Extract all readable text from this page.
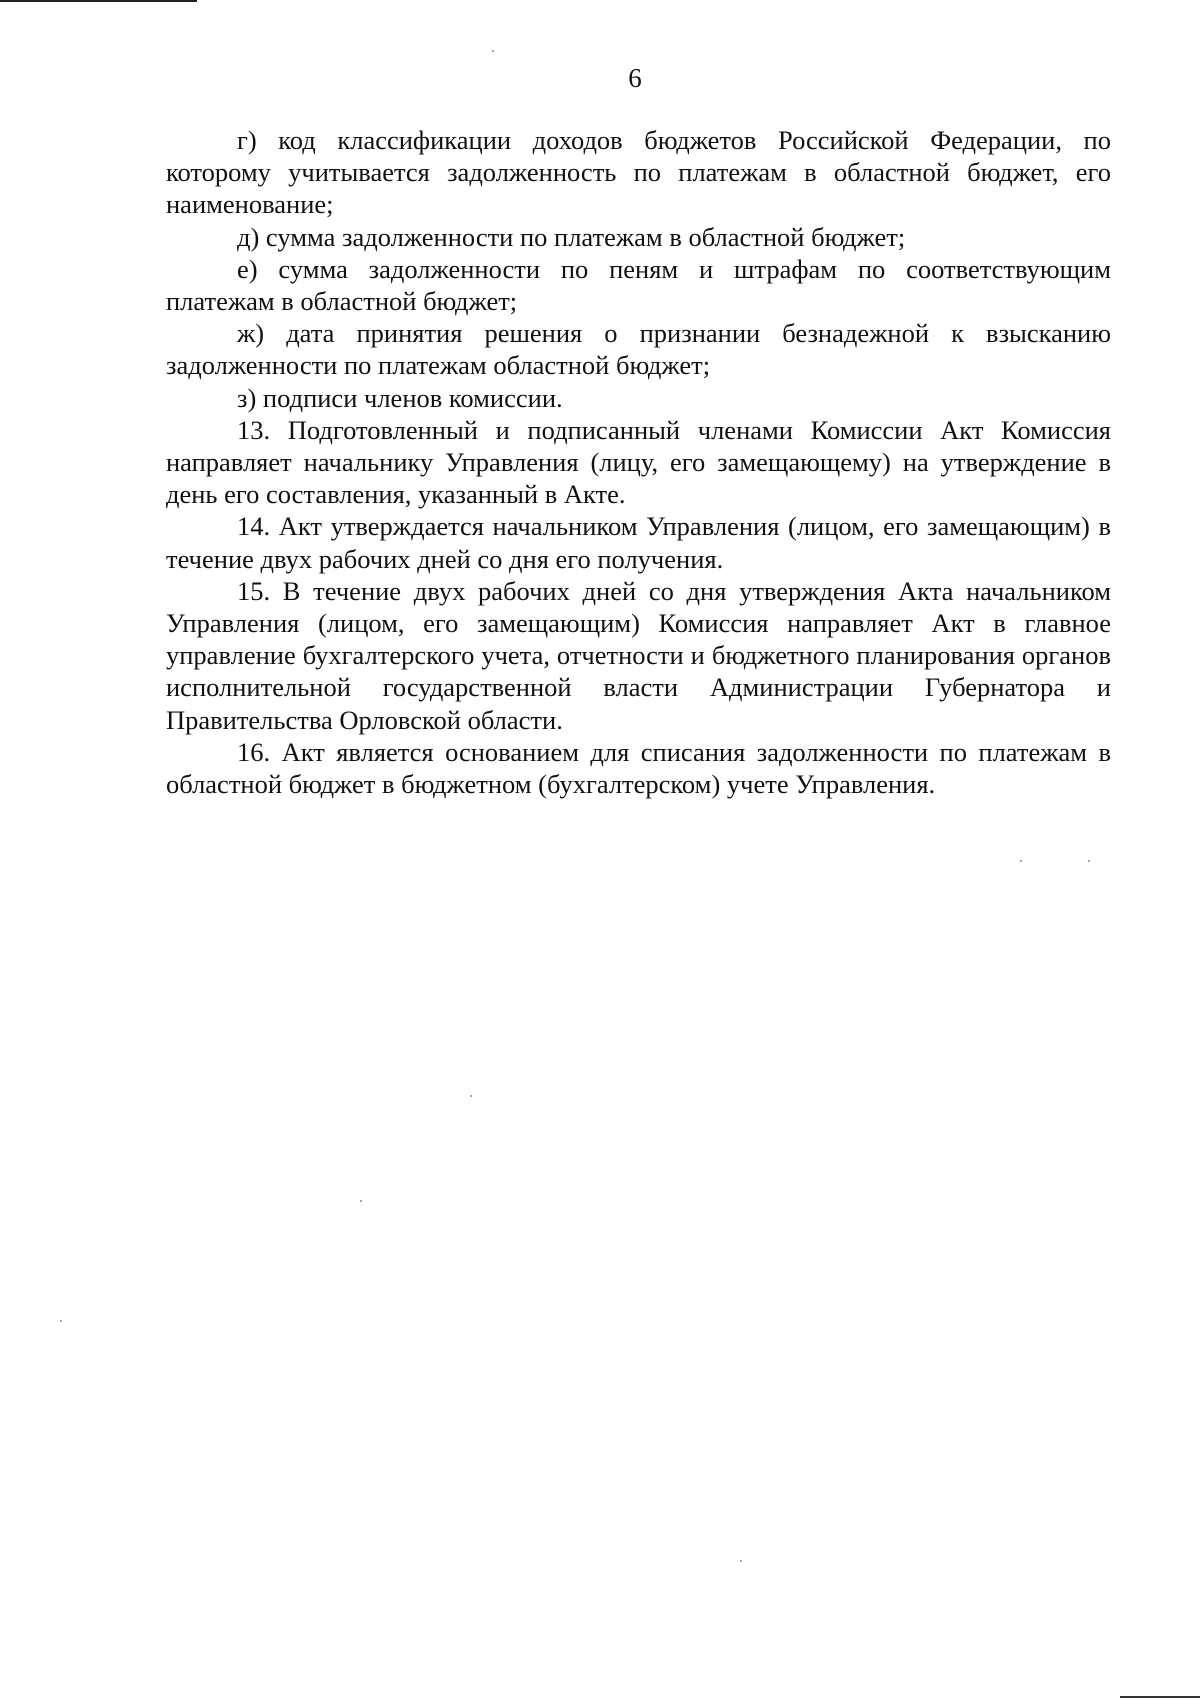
6

г) код классификации доходов бюджетов Российской Федерации, по которому учитывается задолженность по платежам в областной бюджет, его наименование;

д) сумма задолженности по платежам в областной бюджет;

е) сумма задолженности по пеням и штрафам по соответствующим платежам в областной бюджет;

ж) дата принятия решения о признании безнадежной к взысканию задолженности по платежам областной бюджет;

з) подписи членов комиссии.

13. Подготовленный и подписанный членами Комиссии Акт Комиссия направляет начальнику Управления (лицу, его замещающему) на утверждение в день его составления, указанный в Акте.

14. Акт утверждается начальником Управления (лицом, его замещающим) в течение двух рабочих дней со дня его получения.

15. В течение двух рабочих дней со дня утверждения Акта начальником Управления (лицом, его замещающим) Комиссия направляет Акт в главное управление бухгалтерского учета, отчетности и бюджетного планирования органов исполнительной государственной власти Администрации Губернатора и Правительства Орловской области.

16. Акт является основанием для списания задолженности по платежам в областной бюджет в бюджетном (бухгалтерском) учете Управления.
